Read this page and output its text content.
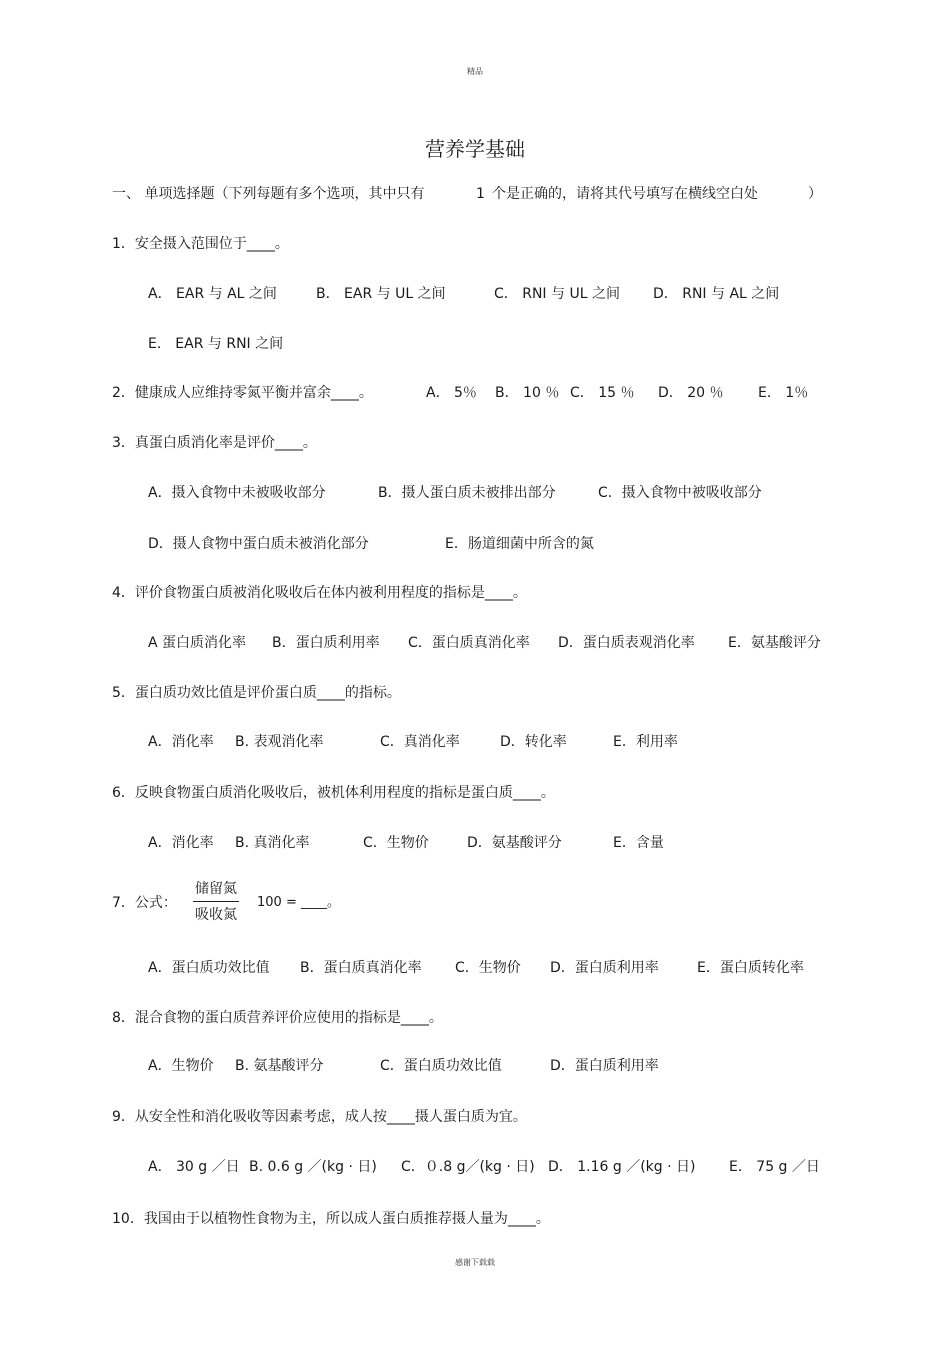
精品
营养学基础
一、 单项选择题（下列每题有多个选项，其中只有	1 个是正确的，请将其代号填写在横线空白处	）
1．安全摄入范围位于____。
A． EAR 与 AL 之间	B． EAR 与 UL 之间	C． RNI 与 UL 之间 D． RNI 与 AL 之间
E． EAR 与 RNI 之间
2．健康成人应维持零氮平衡并富余____。	A． 5％ B． 10 ％ C． 15 ％ D． 20 ％ E． 1％
3．真蛋白质消化率是评价____。
A．摄入食物中未被吸收部分	B．摄人蛋白质未被排出部分	C．摄入食物中被吸收部分
D．摄人食物中蛋白质未被消化部分	E．肠道细菌中所含的氮
4．评价食物蛋白质被消化吸收后在体内被利用程度的指标是____。
A 蛋白质消化率 B．蛋白质利用率 C．蛋白质真消化率 D．蛋白质表观消化率 E．氨基酸评分
5．蛋白质功效比值是评价蛋白质____的指标。
A．消化率 B. 表观消化率	C．真消化率	D．转化率	E．利用率
6．反映食物蛋白质消化吸收后，被机体利用程度的指标是蛋白质____。
A．消化率 B. 真消化率	C．生物价	D．氨基酸评分	E．含量
7．公式：
储留氮
吸收氮
100 = ____。
A．蛋白质功效比值 B．蛋白质真消化率 C．生物价 D．蛋白质利用率	E．蛋白质转化率
8．混合食物的蛋白质营养评价应使用的指标是____。
A．生物价 B. 氨基酸评分	C．蛋白质功效比值	D．蛋白质利用率
9．从安全性和消化吸收等因素考虑，成人按____摄人蛋白质为宜。
A． 30 g ／日 B. 0.6 g ／(kg · 日) C．０.8 g／(kg · 日) D． 1.16 g ／(kg · 日) E． 75 g ／日
10．我国由于以植物性食物为主，所以成人蛋白质推荐摄人量为____。
感谢下载载
